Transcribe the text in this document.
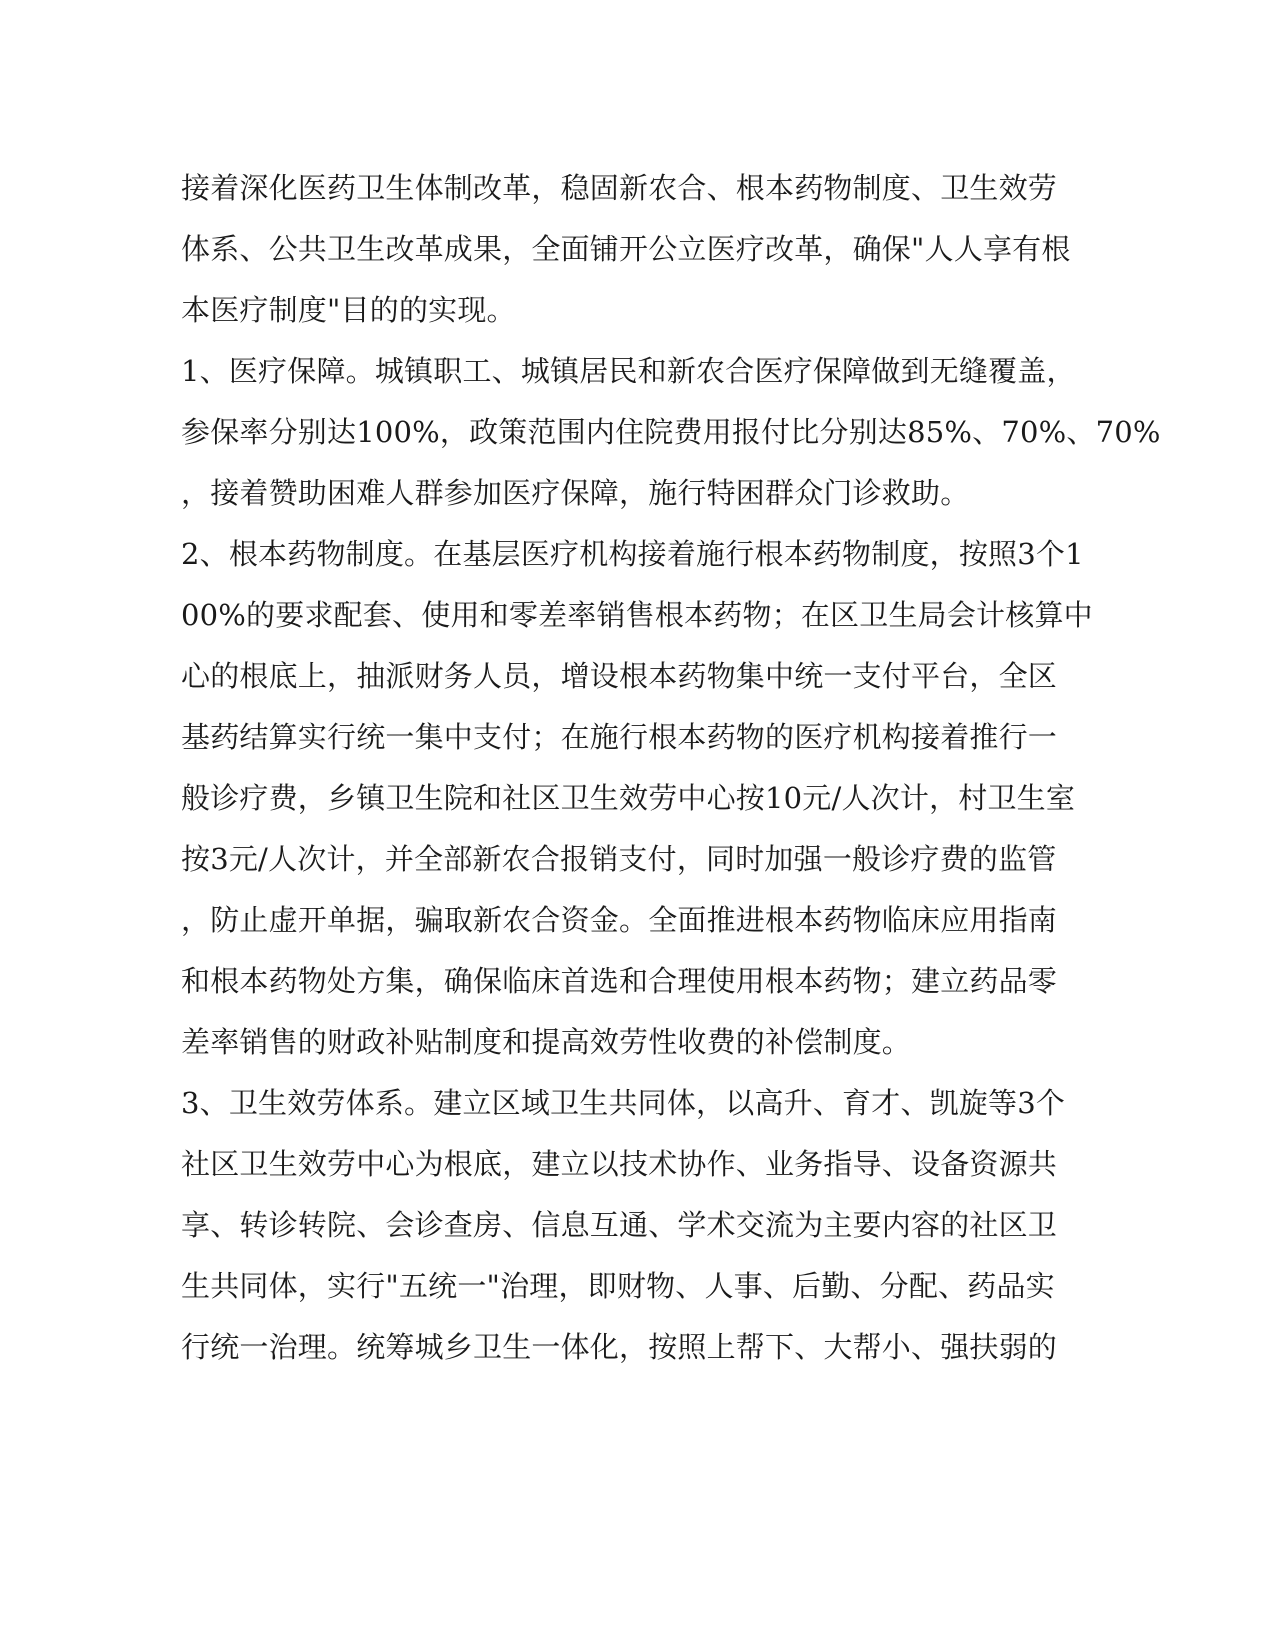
接着深化医药卫生体制改革，稳固新农合、根本药物制度、卫生效劳
体系、公共卫生改革成果，全面铺开公立医疗改革，确保"人人享有根
本医疗制度"目的的实现。
1、医疗保障。城镇职工、城镇居民和新农合医疗保障做到无缝覆盖，
参保率分别达100%，政策范围内住院费用报付比分别达85%、70%、70%
，接着赞助困难人群参加医疗保障，施行特困群众门诊救助。
2、根本药物制度。在基层医疗机构接着施行根本药物制度，按照3个1
00%的要求配套、使用和零差率销售根本药物；在区卫生局会计核算中
心的根底上，抽派财务人员，增设根本药物集中统一支付平台，全区
基药结算实行统一集中支付；在施行根本药物的医疗机构接着推行一
般诊疗费，乡镇卫生院和社区卫生效劳中心按10元/人次计，村卫生室
按3元/人次计，并全部新农合报销支付，同时加强一般诊疗费的监管
，防止虚开单据，骗取新农合资金。全面推进根本药物临床应用指南
和根本药物处方集，确保临床首选和合理使用根本药物；建立药品零
差率销售的财政补贴制度和提高效劳性收费的补偿制度。
3、卫生效劳体系。建立区域卫生共同体，以高升、育才、凯旋等3个
社区卫生效劳中心为根底，建立以技术协作、业务指导、设备资源共
享、转诊转院、会诊查房、信息互通、学术交流为主要内容的社区卫
生共同体，实行"五统一"治理，即财物、人事、后勤、分配、药品实
行统一治理。统筹城乡卫生一体化，按照上帮下、大帮小、强扶弱的
